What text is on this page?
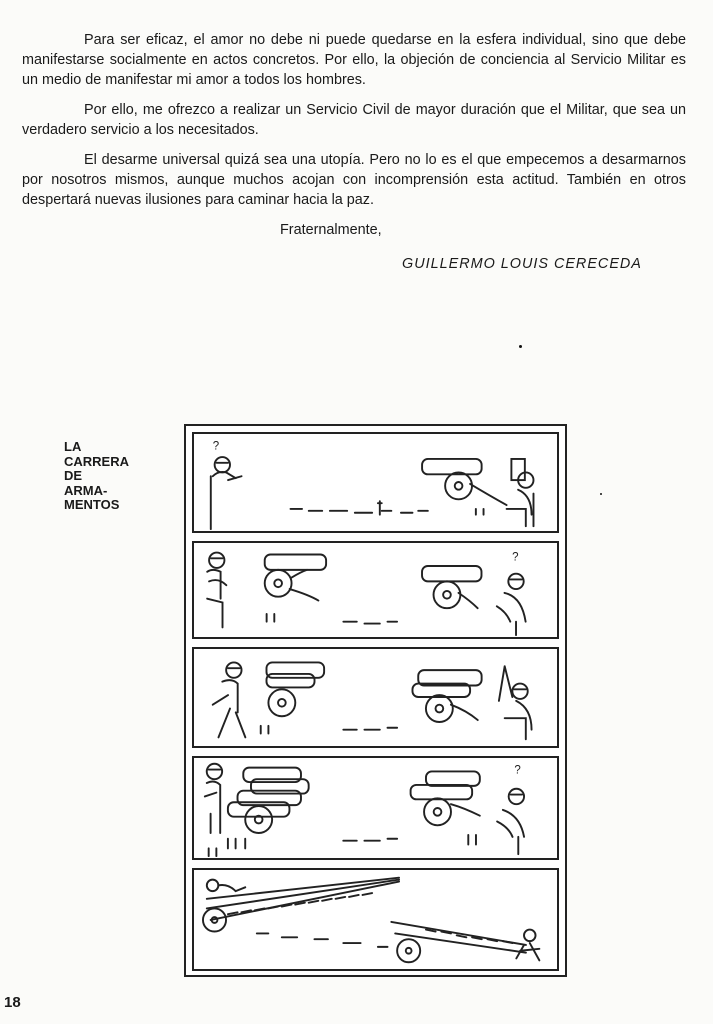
Para ser eficaz, el amor no debe ni puede quedarse en la esfera individual, sino que debe manifestarse socialmente en actos concretos. Por ello, la objeción de conciencia al Servicio Militar es un medio de manifestar mi amor a todos los hombres.

Por ello, me ofrezco a realizar un Servicio Civil de mayor duración que el Militar, que sea un verdadero servicio a los necesitados.

El desarme universal quizá sea una utopía. Pero no lo es el que empecemos a desarmarnos por nosotros mismos, aunque muchos acojan con incomprensión esta actitud. También en otros despertará nuevas ilusiones para caminar hacia la paz.

Fraternalmente,
GUILLERMO LOUIS CERECEDA
LA
CARRERA
DE
ARMA-
MENTOS
?
?
?
18
